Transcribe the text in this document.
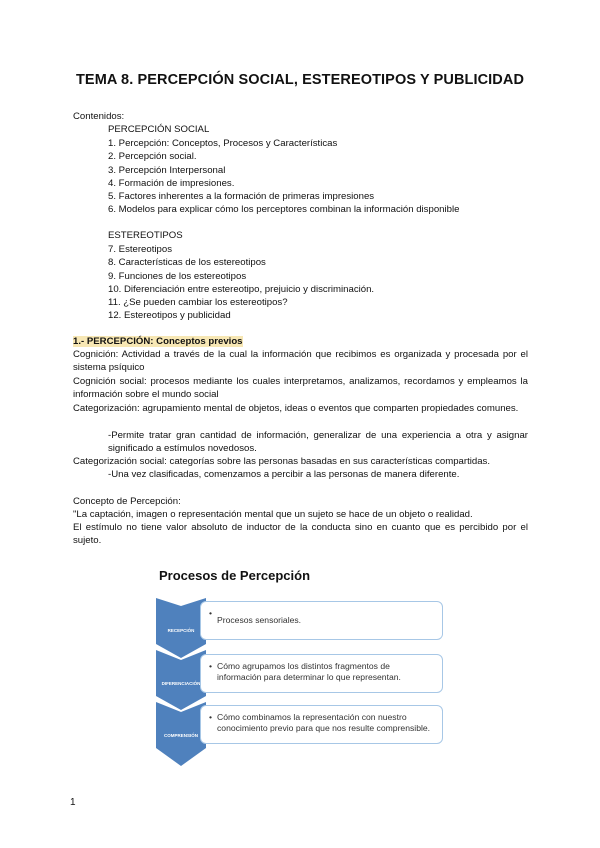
TEMA 8. PERCEPCIÓN SOCIAL, ESTEREOTIPOS Y PUBLICIDAD
Contenidos:
PERCEPCIÓN SOCIAL
1. Percepción: Conceptos, Procesos y Características
2. Percepción social.
3. Percepción Interpersonal
4. Formación de impresiones.
5. Factores inherentes a la formación de primeras impresiones
6. Modelos para explicar cómo los perceptores combinan la información disponible
ESTEREOTIPOS
7. Estereotipos
8. Características de los estereotipos
9. Funciones de los estereotipos
10. Diferenciación entre estereotipo, prejuicio y discriminación.
11. ¿Se pueden cambiar los estereotipos?
12. Estereotipos y publicidad
1.- PERCEPCIÓN: Conceptos previos
Cognición: Actividad a través de la cual la información que recibimos es organizada y procesada por el sistema psíquico
Cognición social: procesos mediante los cuales interpretamos, analizamos, recordamos y empleamos la información sobre el mundo social
Categorización: agrupamiento mental de objetos, ideas o eventos que comparten propiedades comunes.
-Permite tratar gran cantidad de información, generalizar de una experiencia a otra y asignar significado a estímulos novedosos.
Categorización social: categorías sobre las personas basadas en sus características compartidas.
-Una vez clasificadas, comenzamos a percibir a las personas de manera diferente.
Concepto de Percepción:
"La captación, imagen o representación mental que un sujeto se hace de un objeto o realidad.
El estímulo no tiene valor absoluto de inductor de la conducta sino en cuanto que es percibido por el sujeto.
Procesos de Percepción
RECEPCIÓN
DIFERENCIACIÓN
COMPRENSIÓN
•
Procesos sensoriales.
• Cómo agrupamos los distintos fragmentos de información para determinar lo que representan.
• Cómo combinamos la representación con nuestro conocimiento previo para que nos resulte comprensible.
1
